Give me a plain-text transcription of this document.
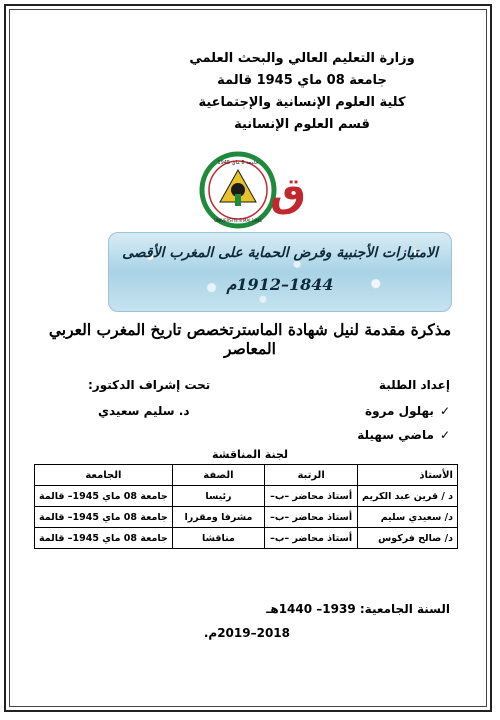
وزارة التعليم العالي والبحث العلمي
جامعة 08 ماي 1945 قالمة
كلية العلوم الإنسانية والإجتماعية
قسم العلوم الإنسانية
جامعة 8 ماي 1945
UNIVERSITE 8 MAI 1945
ق
الامتيازات الأجنبية وفرض الحماية على المغرب الأقصى
1844–1912م
مذكرة مقدمة لنيل شهادة الماسترتخصص تاريخ المغرب العربي المعاصر
إعداد الطلبة
✓بهلول مروة
✓ماضي سهيلة
تحت إشراف الدكتور:
د. سليم سعيدي
لجنة المناقشة
الأستاذ	الرتبة	الصفة	الجامعة
د / قرين عبد الكريم	أستاذ محاضر –ب–	رئيسا	جامعة 08 ماي 1945– قالمة
د/ سعيدي سليم	أستاذ محاضر –ب–	مشرفا ومقررا	جامعة 08 ماي 1945– قالمة
د/ صالح فركوس	أستاذ محاضر –ب–	مناقشا	جامعة 08 ماي 1945– قالمة
السنة الجامعية: 1939– 1440هـ
2018–2019م.
